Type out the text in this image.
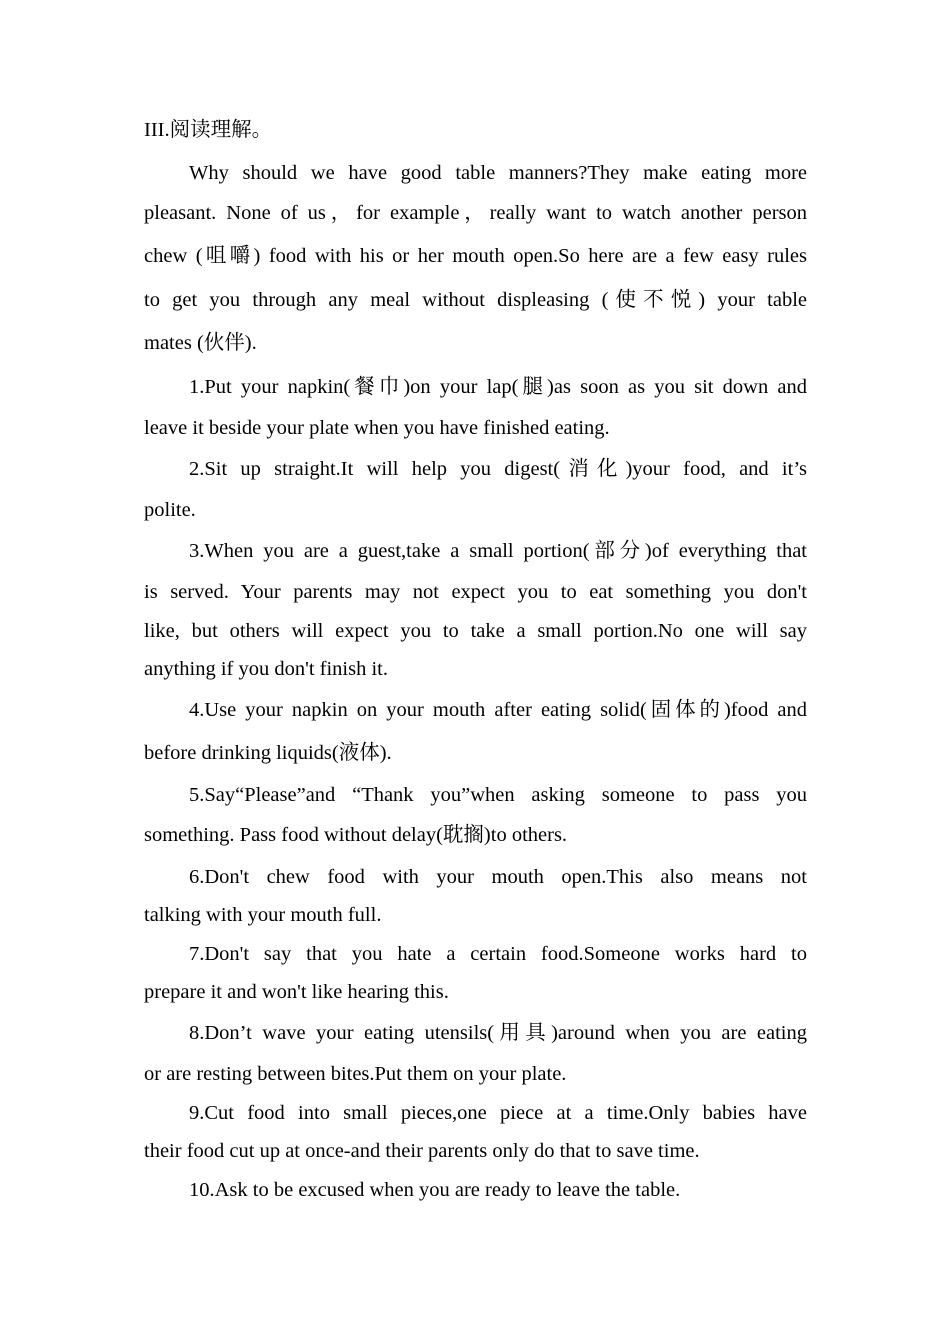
III.阅读理解。
Why should we have good table manners?They make eating more
pleasant. None of us，for example，really want to watch another person
chew (咀嚼) food with his or her mouth open.So here are a few easy rules
to get you through any meal without displeasing (使不悦) your table
mates (伙伴).
1.Put your napkin(餐巾)on your lap(腿)as soon as you sit down and
leave it beside your plate when you have finished eating.
2.Sit up straight.It will help you digest(消化)your food, and it’s
polite.
3.When you are a guest,take a small portion(部分)of everything that
is served. Your parents may not expect you to eat something you don't
like, but others will expect you to take a small portion.No one will say
anything if you don't finish it.
4.Use your napkin on your mouth after eating solid(固体的)food and
before drinking liquids(液体).
5.Say“Please”and “Thank you”when asking someone to pass you
something. Pass food without delay(耽搁)to others.
6.Don't chew food with your mouth open.This also means not
talking with your mouth full.
7.Don't say that you hate a certain food.Someone works hard to
prepare it and won't like hearing this.
8.Don’t wave your eating utensils(用具)around when you are eating
or are resting between bites.Put them on your plate.
9.Cut food into small pieces,one piece at a time.Only babies have
their food cut up at once-and their parents only do that to save time.
10.Ask to be excused when you are ready to leave the table.
